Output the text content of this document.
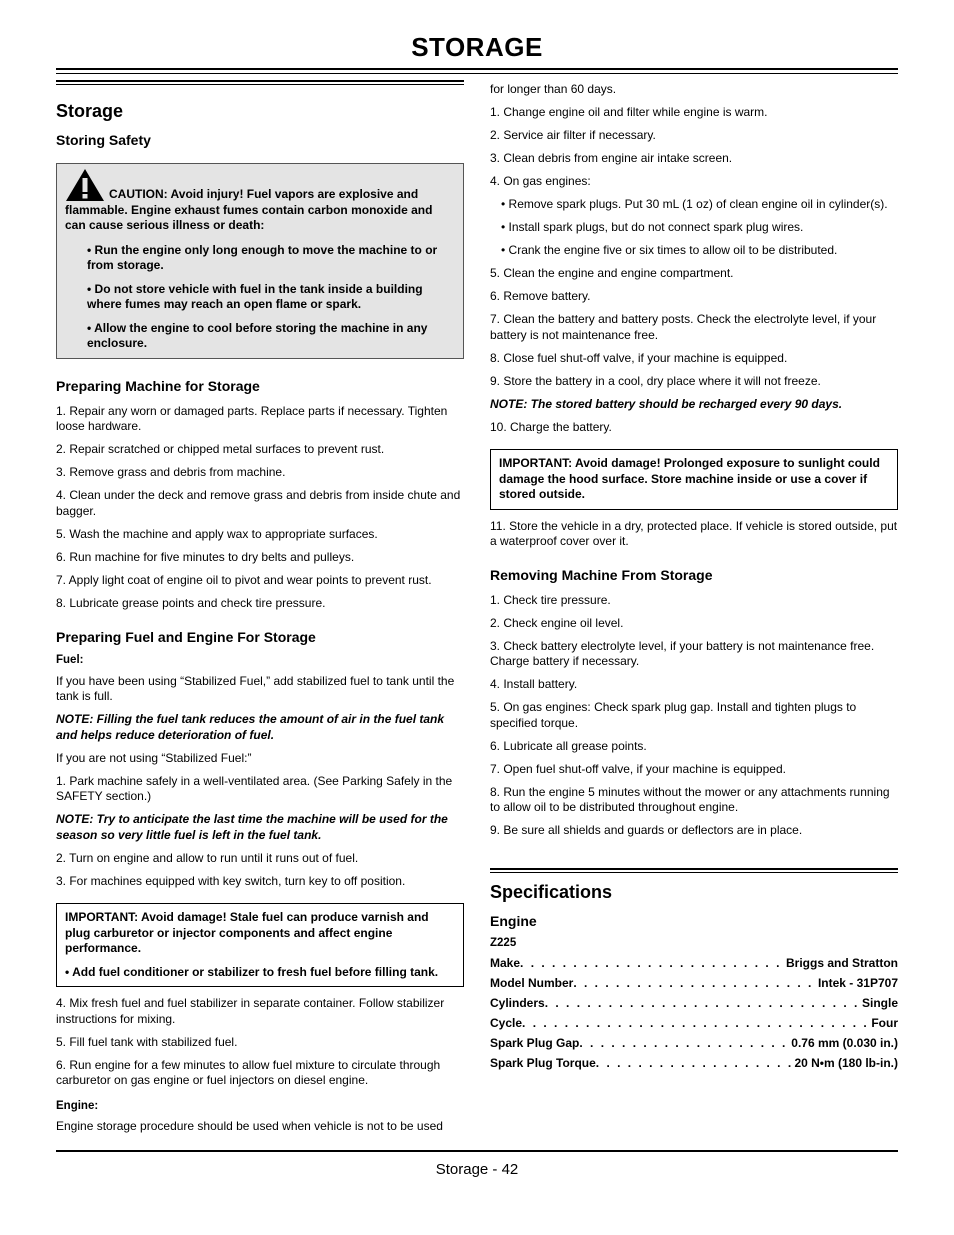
STORAGE
Storage
Storing Safety
CAUTION: Avoid injury! Fuel vapors are explosive and flammable. Engine exhaust fumes contain carbon monoxide and can cause serious illness or death:
• Run the engine only long enough to move the machine to or from storage.
• Do not store vehicle with fuel in the tank inside a building where fumes may reach an open flame or spark.
• Allow the engine to cool before storing the machine in any enclosure.
Preparing Machine for Storage

1. Repair any worn or damaged parts. Replace parts if necessary. Tighten loose hardware.

2. Repair scratched or chipped metal surfaces to prevent rust.

3. Remove grass and debris from machine.

4. Clean under the deck and remove grass and debris from inside chute and bagger.

5. Wash the machine and apply wax to appropriate surfaces.

6. Run machine for five minutes to dry belts and pulleys.

7. Apply light coat of engine oil to pivot and wear points to prevent rust.

8. Lubricate grease points and check tire pressure.

Preparing Fuel and Engine For Storage
Fuel:

If you have been using “Stabilized Fuel,” add stabilized fuel to tank until the tank is full.

NOTE: Filling the fuel tank reduces the amount of air in the fuel tank and helps reduce deterioration of fuel.

If you are not using “Stabilized Fuel:”

1. Park machine safely in a well-ventilated area. (See Parking Safely in the SAFETY section.)

NOTE: Try to anticipate the last time the machine will be used for the season so very little fuel is left in the fuel tank.

2. Turn on engine and allow to run until it runs out of fuel.

3. For machines equipped with key switch, turn key to off position.

IMPORTANT: Avoid damage! Stale fuel can produce varnish and plug carburetor or injector components and affect engine performance.
• Add fuel conditioner or stabilizer to fresh fuel before filling tank.

4. Mix fresh fuel and fuel stabilizer in separate container. Follow stabilizer instructions for mixing.

5. Fill fuel tank with stabilized fuel.

6. Run engine for a few minutes to allow fuel mixture to circulate through carburetor on gas engine or fuel injectors on diesel engine.

Engine:

Engine storage procedure should be used when vehicle is not to be used

for longer than 60 days.

1. Change engine oil and filter while engine is warm.

2. Service air filter if necessary.

3. Clean debris from engine air intake screen.

4. On gas engines:

• Remove spark plugs. Put 30 mL (1 oz) of clean engine oil in cylinder(s).

• Install spark plugs, but do not connect spark plug wires.

• Crank the engine five or six times to allow oil to be distributed.

5. Clean the engine and engine compartment.

6. Remove battery.

7. Clean the battery and battery posts. Check the electrolyte level, if your battery is not maintenance free.

8. Close fuel shut-off valve, if your machine is equipped.

9. Store the battery in a cool, dry place where it will not freeze.

NOTE: The stored battery should be recharged every 90 days.

10. Charge the battery.

IMPORTANT: Avoid damage! Prolonged exposure to sunlight could damage the hood surface. Store machine inside or use a cover if stored outside.

11. Store the vehicle in a dry, protected place. If vehicle is stored outside, put a waterproof cover over it.

Removing Machine From Storage

1. Check tire pressure.

2. Check engine oil level.

3. Check battery electrolyte level, if your battery is not maintenance free. Charge battery if necessary.

4. Install battery.

5. On gas engines: Check spark plug gap. Install and tighten plugs to specified torque.

6. Lubricate all grease points.

7. Open fuel shut-off valve, if your machine is equipped.

8. Run the engine 5 minutes without the mower or any attachments running to allow oil to be distributed throughout engine.

9. Be sure all shields and guards or deflectors are in place.

Specifications
Engine
Z225
Make . . .	Briggs and Stratton
Model Number . . .	Intek - 31P707
Cylinders . . .	Single
Cycle . . .	Four
Spark Plug Gap . . .	0.76 mm (0.030 in.)
Spark Plug Torque . . .	20 N•m (180 lb-in.)
Storage - 42
